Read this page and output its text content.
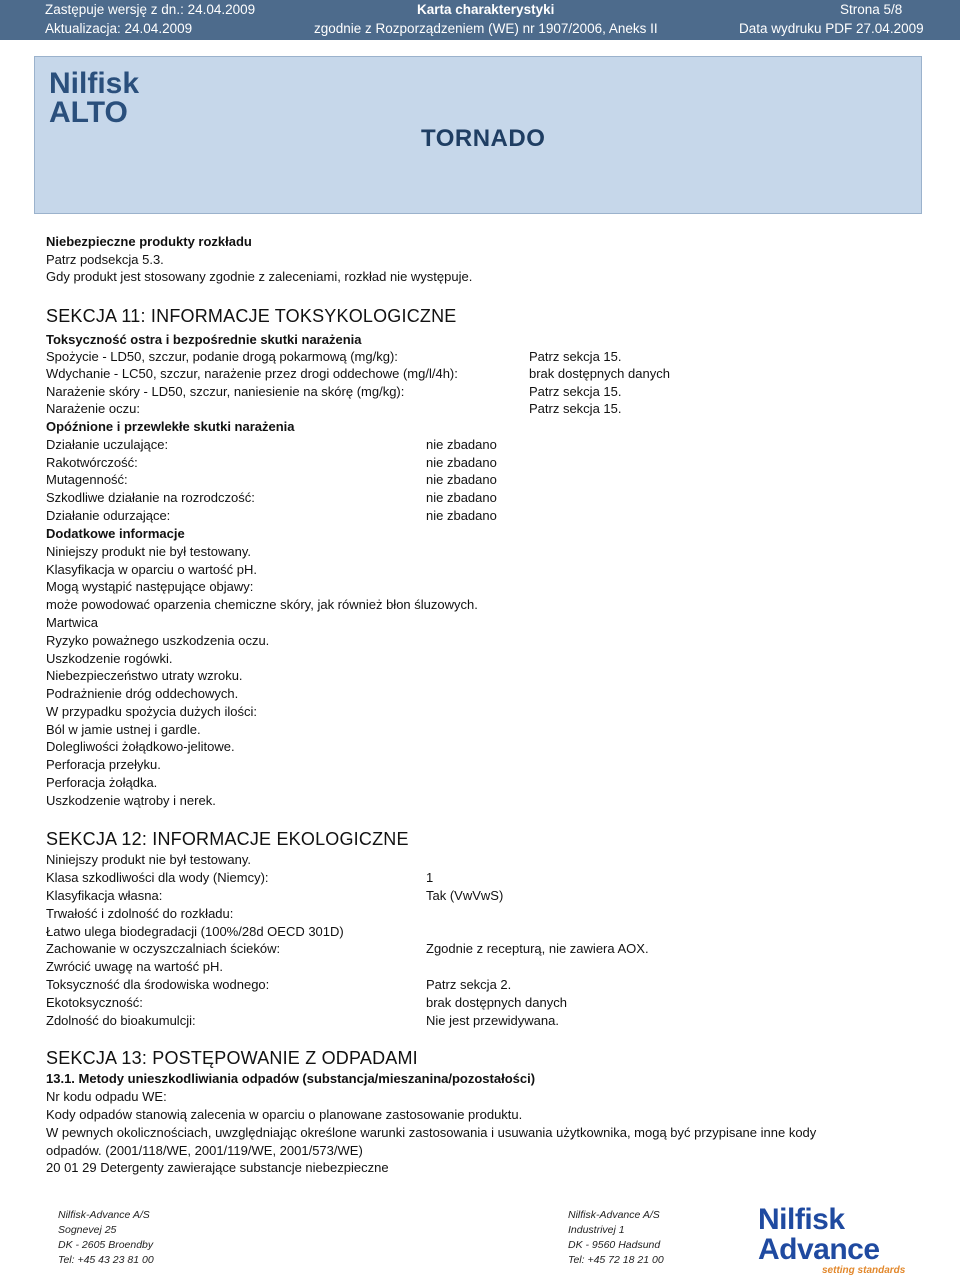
Zastępuje wersję z dn.: 24.04.2009	Karta charakterystyki	Strona 5/8
Aktualizacja: 24.04.2009	zgodnie z Rozporządzeniem (WE) nr 1907/2006, Aneks II	Data wydruku PDF 27.04.2009
Nilfisk
ALTO
TORNADO
Niebezpieczne produkty rozkładu
Patrz podsekcja 5.3.
Gdy produkt jest stosowany zgodnie z zaleceniami, rozkład nie występuje.
SEKCJA 11: INFORMACJE TOKSYKOLOGICZNE
Toksyczność ostra i bezpośrednie skutki narażenia
Spożycie - LD50, szczur, podanie drogą pokarmową (mg/kg):	Patrz sekcja 15.
Wdychanie - LC50, szczur, narażenie przez drogi oddechowe (mg/l/4h):	brak dostępnych danych
Narażenie skóry - LD50, szczur, naniesienie na skórę (mg/kg):	Patrz sekcja 15.
Narażenie oczu:	Patrz sekcja 15.
Opóźnione i przewlekłe skutki narażenia
Działanie uczulające:	nie zbadano
Rakotwórczość:	nie zbadano
Mutagenność:	nie zbadano
Szkodliwe działanie na rozrodczość:	nie zbadano
Działanie odurzające:	nie zbadano
Dodatkowe informacje
Niniejszy produkt nie był testowany.
Klasyfikacja w oparciu o wartość pH.
Mogą wystąpić następujące objawy:
może powodować oparzenia chemiczne skóry, jak również błon śluzowych.
Martwica
Ryzyko poważnego uszkodzenia oczu.
Uszkodzenie rogówki.
Niebezpieczeństwo utraty wzroku.
Podrażnienie dróg oddechowych.
W przypadku spożycia dużych ilości:
Ból w jamie ustnej i gardle.
Dolegliwości żołądkowo-jelitowe.
Perforacja przełyku.
Perforacja żołądka.
Uszkodzenie wątroby i nerek.
SEKCJA 12: INFORMACJE EKOLOGICZNE
Niniejszy produkt nie był testowany.
Klasa szkodliwości dla wody (Niemcy):	1
Klasyfikacja własna:	Tak (VwVwS)
Trwałość i zdolność do rozkładu:
Łatwo ulega biodegradacji (100%/28d OECD 301D)
Zachowanie w oczyszczalniach ścieków:	Zgodnie z recepturą, nie zawiera AOX.
Zwrócić uwagę na wartość pH.
Toksyczność dla środowiska wodnego:	Patrz sekcja 2.
Ekotoksyczność:	brak dostępnych danych
Zdolność do bioakumulcji:	Nie jest przewidywana.
SEKCJA 13: POSTĘPOWANIE Z ODPADAMI
13.1. Metody unieszkodliwiania odpadów (substancja/mieszanina/pozostałości)
Nr kodu odpadu WE:
Kody odpadów stanowią zalecenia w oparciu o planowane zastosowanie produktu.
W pewnych okolicznościach, uwzględniając określone warunki zastosowania i usuwania użytkownika, mogą być przypisane inne kody
odpadów. (2001/118/WE, 2001/119/WE, 2001/573/WE)
20 01 29 Detergenty zawierające substancje niebezpieczne
Nilfisk-Advance A/S
Sognevej 25
DK - 2605 Broendby
Tel: +45 43 23 81 00
Nilfisk-Advance A/S
Industrivej 1
DK - 9560 Hadsund
Tel: +45 72 18 21 00
Nilfisk
Advance
setting standards
